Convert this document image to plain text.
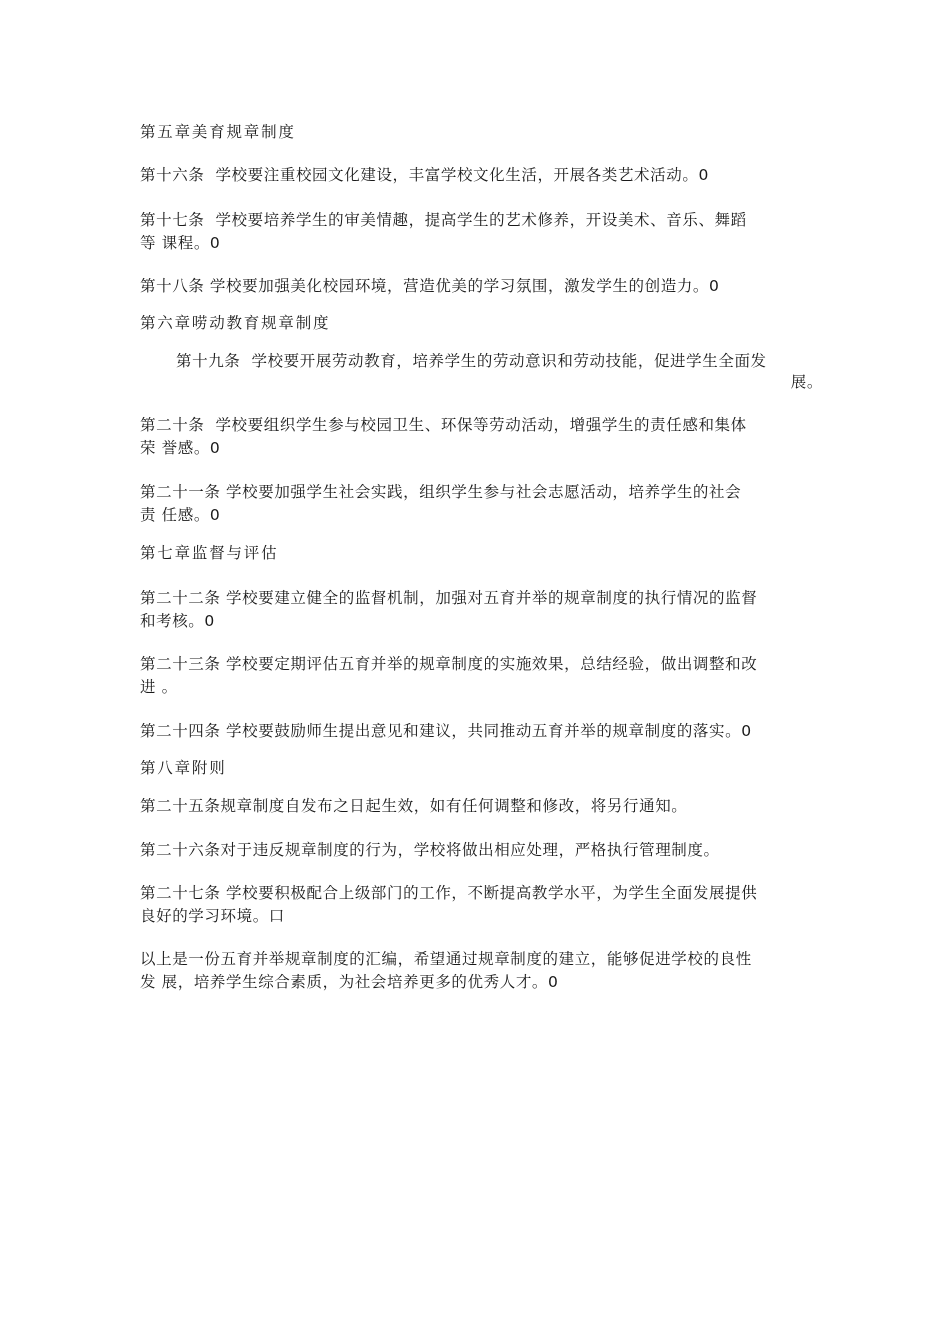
第五章美育规章制度
第十六条  学校要注重校园文化建设，丰富学校文化生活，开展各类艺术活动。0
第十七条  学校要培养学生的审美情趣，提高学生的艺术修养，开设美术、音乐、舞蹈
等 课程。0
第十八条 学校要加强美化校园环境，营造优美的学习氛围，激发学生的创造力。0
第六章唠动教育规章制度
第十九条  学校要开展劳动教育，培养学生的劳动意识和劳动技能，促进学生全面发
展。
第二十条  学校要组织学生参与校园卫生、环保等劳动活动，增强学生的责任感和集体
荣 誉感。0
第二十一条 学校要加强学生社会实践，组织学生参与社会志愿活动，培养学生的社会
责 任感。0
第七章监督与评估
第二十二条 学校要建立健全的监督机制，加强对五育并举的规章制度的执行情况的监督
和考核。0
第二十三条 学校要定期评估五育并举的规章制度的实施效果，总结经验，做出调整和改
进 。
第二十四条 学校要鼓励师生提出意见和建议，共同推动五育并举的规章制度的落实。0
第八章附则
第二十五条规章制度自发布之日起生效，如有任何调整和修改，将另行通知。
第二十六条对于违反规章制度的行为，学校将做出相应处理，严格执行管理制度。
第二十七条 学校要积极配合上级部门的工作，不断提高教学水平，为学生全面发展提供
良好的学习环境。口
以上是一份五育并举规章制度的汇编，希望通过规章制度的建立，能够促进学校的良性
发 展，培养学生综合素质，为社会培养更多的优秀人才。0
